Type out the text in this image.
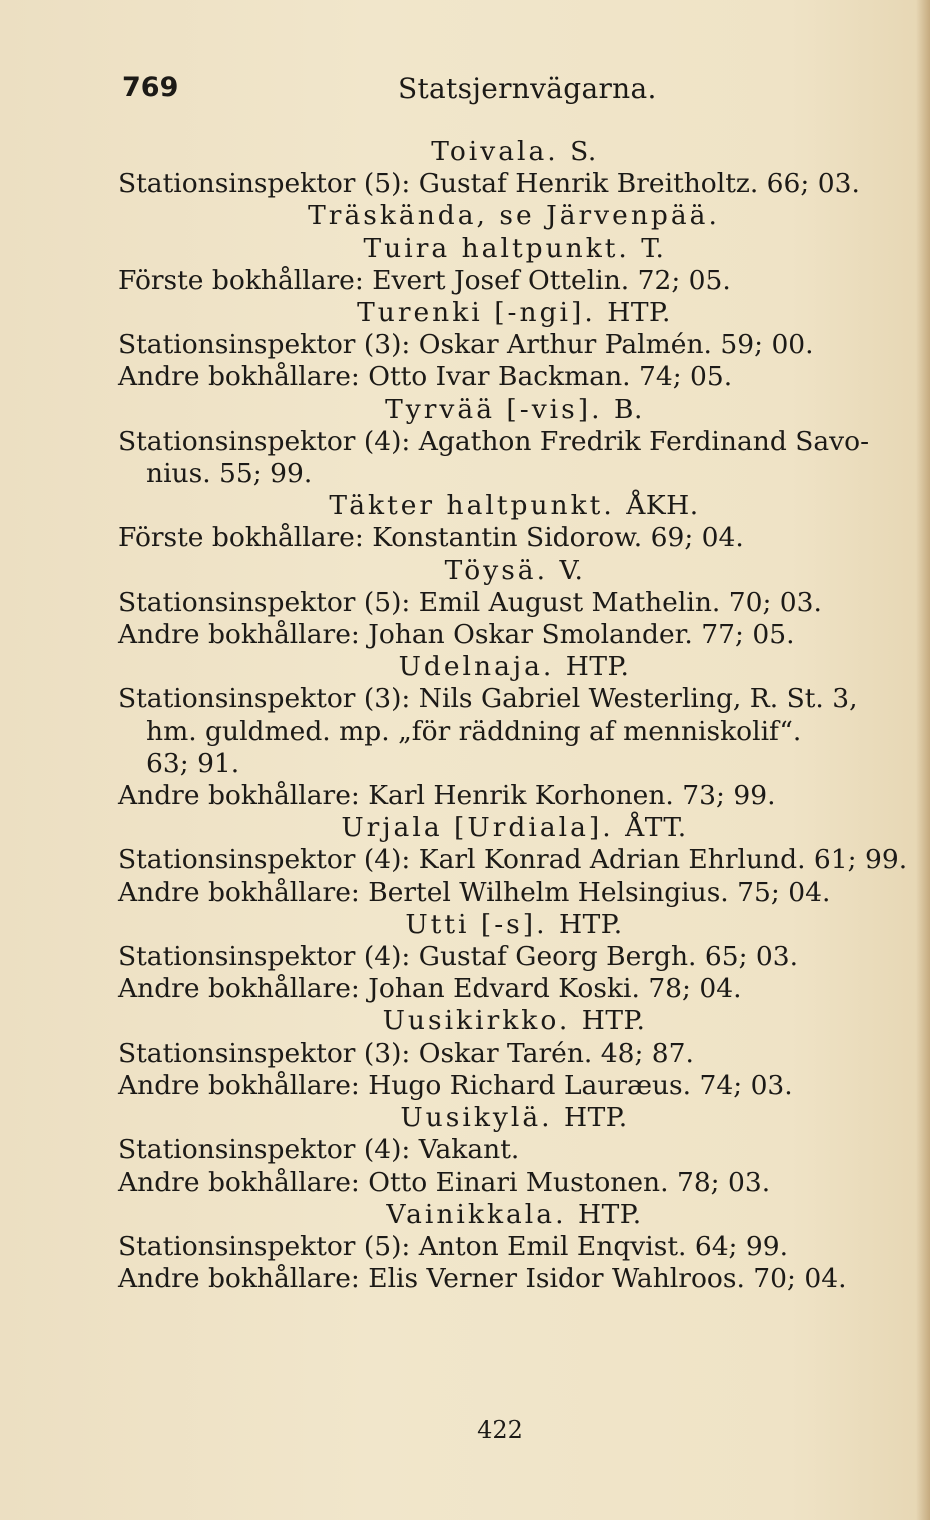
769	Statsjernvägarna.
Toivala. S.
Stationsinspektor (5): Gustaf Henrik Breitholtz. 66; 03.
Träskända, se Järvenpää.
Tuira haltpunkt. T.
Förste bokhållare: Evert Josef Ottelin. 72; 05.
Turenki [-ngi]. HTP.
Stationsinspektor (3): Oskar Arthur Palmén. 59; 00.
Andre bokhållare: Otto Ivar Backman. 74; 05.
Tyrvää [-vis]. B.
Stationsinspektor (4): Agathon Fredrik Ferdinand Savo-
nius. 55; 99.
Täkter haltpunkt. ÅKH.
Förste bokhållare: Konstantin Sidorow. 69; 04.
Töysä. V.
Stationsinspektor (5): Emil August Mathelin. 70; 03.
Andre bokhållare: Johan Oskar Smolander. 77; 05.
Udelnaja. HTP.
Stationsinspektor (3): Nils Gabriel Westerling, R. St. 3,
hm. guldmed. mp. „för räddning af menniskolif“.
63; 91.
Andre bokhållare: Karl Henrik Korhonen. 73; 99.
Urjala [Urdiala]. ÅTT.
Stationsinspektor (4): Karl Konrad Adrian Ehrlund. 61; 99.
Andre bokhållare: Bertel Wilhelm Helsingius. 75; 04.
Utti [-s]. HTP.
Stationsinspektor (4): Gustaf Georg Bergh. 65; 03.
Andre bokhållare: Johan Edvard Koski. 78; 04.
Uusikirkko. HTP.
Stationsinspektor (3): Oskar Tarén. 48; 87.
Andre bokhållare: Hugo Richard Lauræus. 74; 03.
Uusikylä. HTP.
Stationsinspektor (4): Vakant.
Andre bokhållare: Otto Einari Mustonen. 78; 03.
Vainikkala. HTP.
Stationsinspektor (5): Anton Emil Enqvist. 64; 99.
Andre bokhållare: Elis Verner Isidor Wahlroos. 70; 04.
422
